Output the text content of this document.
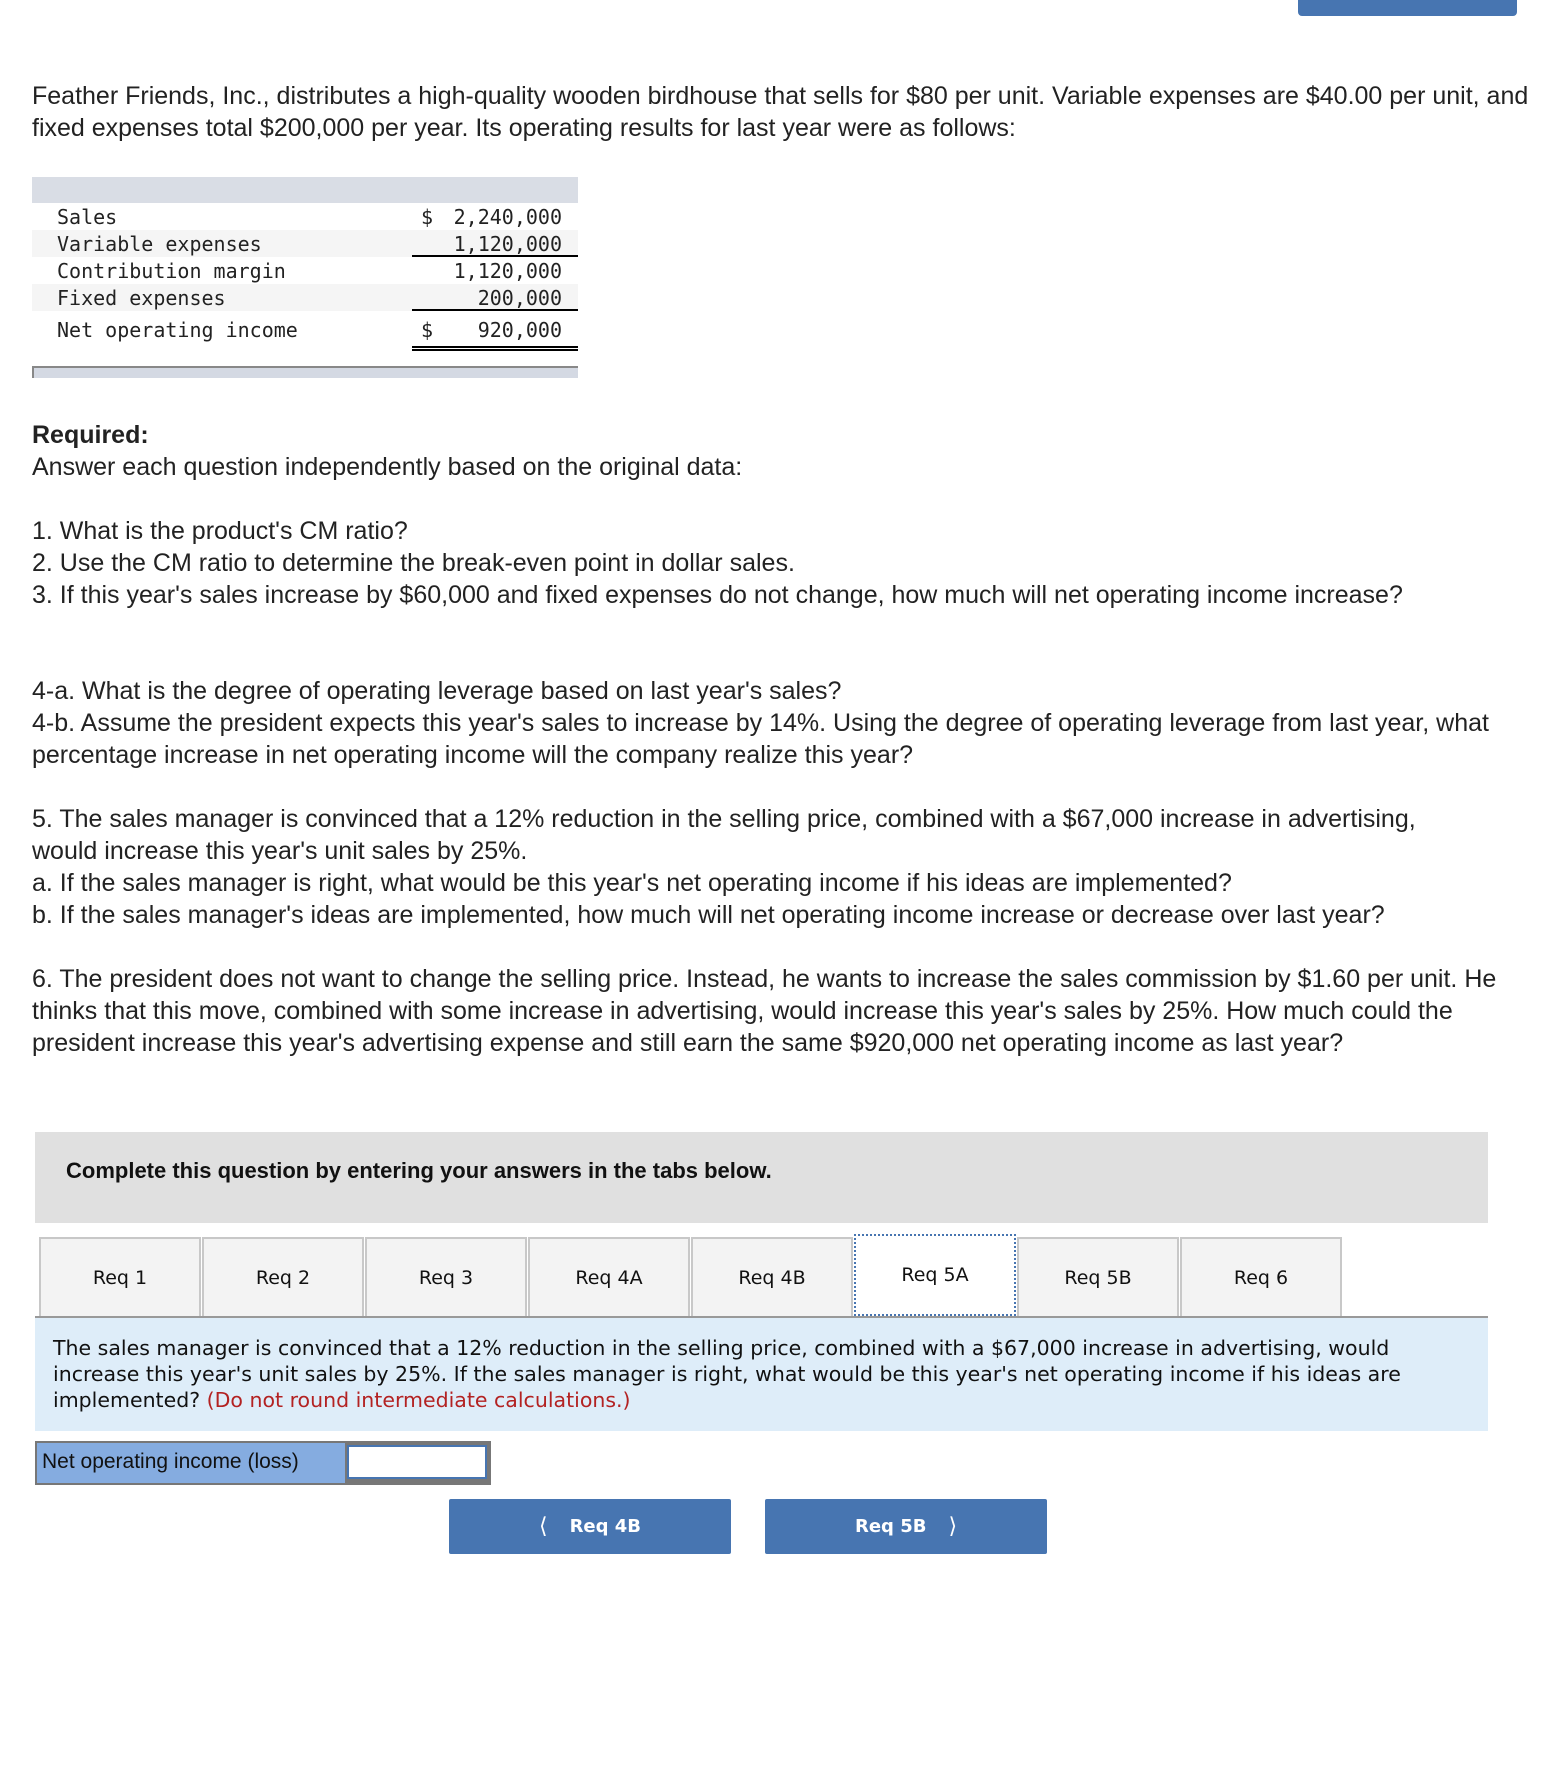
Feather Friends, Inc., distributes a high-quality wooden birdhouse that sells for $80 per unit. Variable expenses are $40.00 per unit, and fixed expenses total $200,000 per year. Its operating results for last year were as follows:

Sales	$ 2,240,000
Variable expenses	1,120,000
Contribution margin	1,120,000
Fixed expenses	200,000
Net operating income	$ 920,000

Required:

Answer each question independently based on the original data:

1. What is the product's CM ratio?

2. Use the CM ratio to determine the break-even point in dollar sales.

3. If this year's sales increase by $60,000 and fixed expenses do not change, how much will net operating income increase?

4-a. What is the degree of operating leverage based on last year's sales?

4-b. Assume the president expects this year's sales to increase by 14%. Using the degree of operating leverage from last year, what percentage increase in net operating income will the company realize this year?

5. The sales manager is convinced that a 12% reduction in the selling price, combined with a $67,000 increase in advertising, would increase this year's unit sales by 25%.

a. If the sales manager is right, what would be this year's net operating income if his ideas are implemented?

b. If the sales manager's ideas are implemented, how much will net operating income increase or decrease over last year?

6. The president does not want to change the selling price. Instead, he wants to increase the sales commission by $1.60 per unit. He thinks that this move, combined with some increase in advertising, would increase this year's sales by 25%. How much could the president increase this year's advertising expense and still earn the same $920,000 net operating income as last year?

Complete this question by entering your answers in the tabs below.
Req 1	Req 2	Req 3	Req 4A	Req 4B	Req 5A	Req 5B	Req 6

The sales manager is convinced that a 12% reduction in the selling price, combined with a $67,000 increase in advertising, would increase this year's unit sales by 25%. If the sales manager is right, what would be this year's net operating income if his ideas are implemented? (Do not round intermediate calculations.)

Net operating income (loss)
⟨ Req 4B	Req 5B ⟩
